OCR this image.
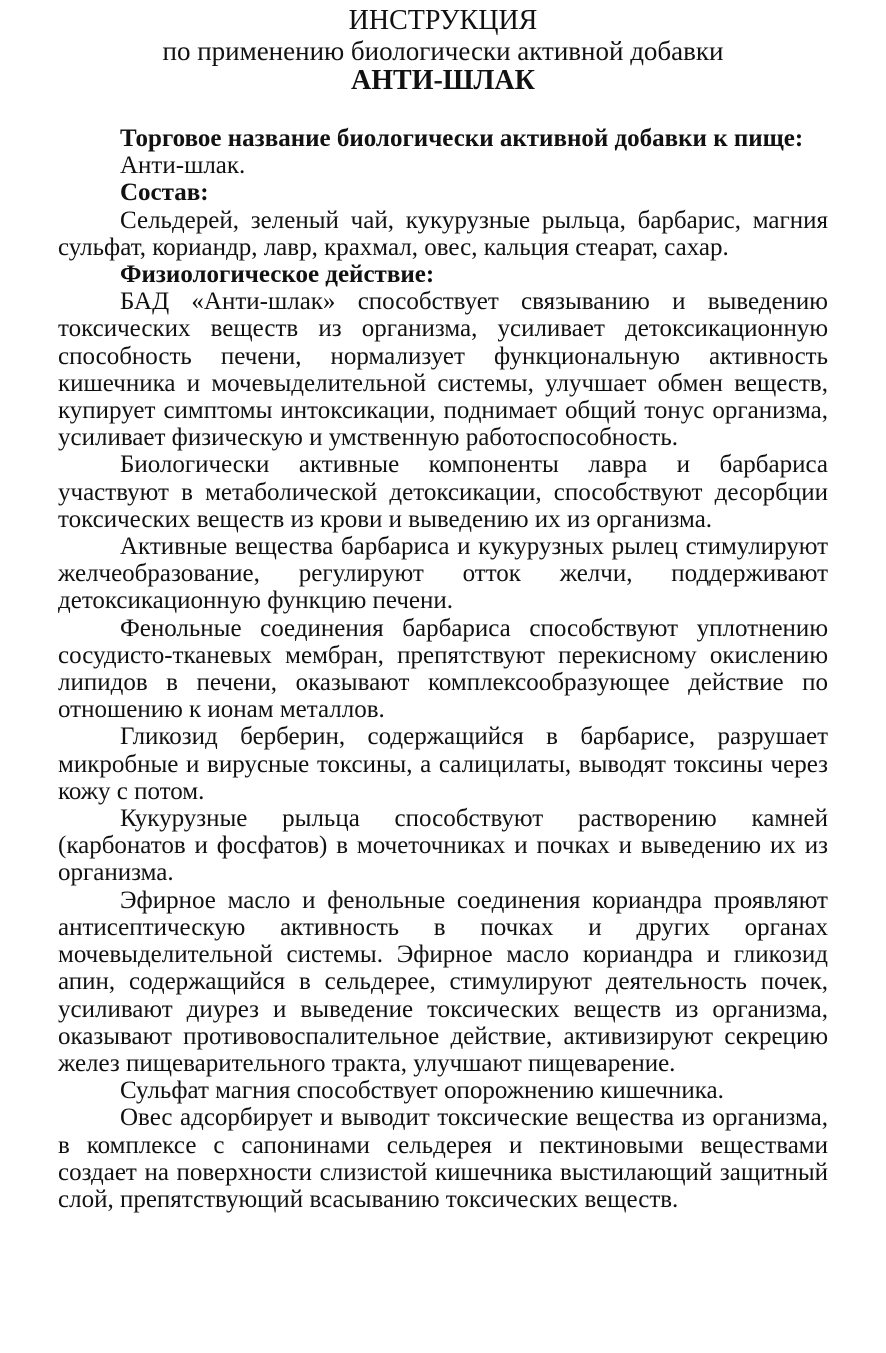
ИНСТРУКЦИЯ
по применению биологически активной добавки
АНТИ-ШЛАК

Торговое название биологически активной добавки к пище:

Анти-шлак.

Состав:

Сельдерей, зеленый чай, кукурузные рыльца, барбарис, магния сульфат, кориандр, лавр, крахмал, овес, кальция стеарат, сахар.

Физиологическое действие:

БАД «Анти-шлак» способствует связыванию и выведению токсических веществ из организма, усиливает детоксикационную способность печени, нормализует функциональную активность кишечника и мочевыделительной системы, улучшает обмен веществ, купирует симптомы интоксикации, поднимает общий тонус организма, усиливает физическую и умственную работоспособность.

Биологически активные компоненты лавра и барбариса участвуют в метаболической детоксикации, способствуют десорбции токсических веществ из крови и выведению их из организма.

Активные вещества барбариса и кукурузных рылец стимулируют желчеобразование, регулируют отток желчи, поддерживают детоксикационную функцию печени.

Фенольные соединения барбариса способствуют уплотнению сосудисто-тканевых мембран, препятствуют перекисному окислению липидов в печени, оказывают комплексообразующее действие по отношению к ионам металлов.

Гликозид берберин, содержащийся в барбарисе, разрушает микробные и вирусные токсины, а салицилаты, выводят токсины через кожу с потом.

Кукурузные рыльца способствуют растворению камней (карбонатов и фосфатов) в мочеточниках и почках и выведению их из организма.

Эфирное масло и фенольные соединения кориандра проявляют антисептическую активность в почках и других органах мочевыделительной системы. Эфирное масло кориандра и гликозид апин, содержащийся в сельдерее, стимулируют деятельность почек, усиливают диурез и выведение токсических веществ из организма, оказывают противовоспалительное действие, активизируют секрецию желез пищеварительного тракта, улучшают пищеварение.

Сульфат магния способствует опорожнению кишечника.

Овес адсорбирует и выводит токсические вещества из организма, в комплексе с сапонинами сельдерея и пектиновыми веществами создает на поверхности слизистой кишечника выстилающий защитный слой, препятствующий всасыванию токсических веществ.
